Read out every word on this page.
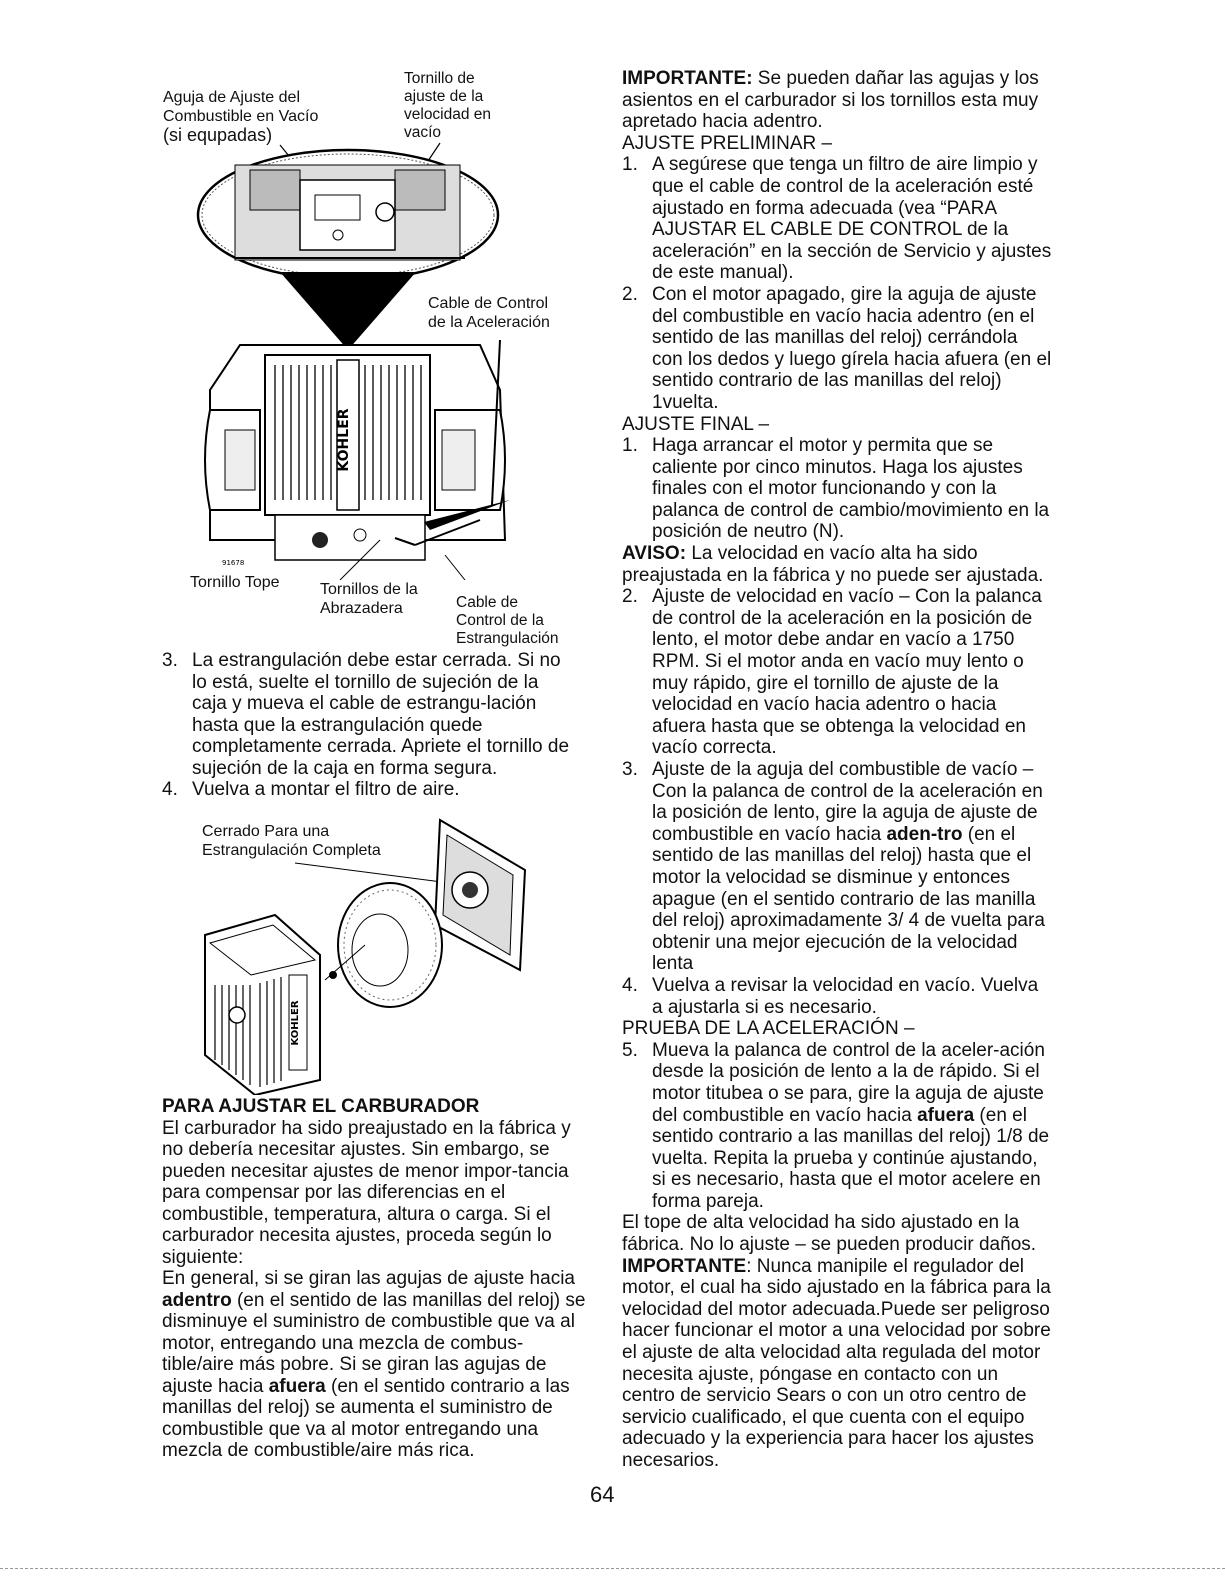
Aguja de Ajuste del
Combustible en Vacío
(si equpadas)
Tornillo de
ajuste de la
velocidad en
vacío
Cable de Control
de la Aceleración
KOHLER
91678
Tornillo Tope	Tornillos de la
Abrazadera	Cable de
Control de la
Estrangulación

3. La estrangulación debe estar cerrada. Si no lo está, suelte el tornillo de sujeción de la caja y mueva el cable de estrangu-lación hasta que la estrangulación quede completamente cerrada. Apriete el tornillo de sujeción de la caja en forma segura.

4. Vuelva a montar el filtro de aire.

Cerrado Para una
Estrangulación Completa
KOHLER
PARA AJUSTAR EL CARBURADOR

El carburador ha sido preajustado en la fábrica y no debería necesitar ajustes. Sin embargo, se pueden necesitar ajustes de menor impor-tancia para compensar por las diferencias en el combustible, temperatura, altura o carga. Si el carburador necesita ajustes, proceda según lo siguiente:

En general, si se giran las agujas de ajuste hacia adentro (en el sentido de las manillas del reloj) se disminuye el suministro de combustible que va al motor, entregando una mezcla de combus-tible/aire más pobre. Si se giran las agujas de ajuste hacia afuera (en el sentido contrario a las manillas del reloj) se aumenta el suministro de combustible que va al motor entregando una mezcla de combustible/aire más rica.

IMPORTANTE: Se pueden dañar las agujas y los asientos en el carburador si los tornillos esta muy apretado hacia adentro.

AJUSTE PRELIMINAR –

1. A segúrese que tenga un filtro de aire limpio y que el cable de control de la aceleración esté ajustado en forma adecuada (vea “PARA AJUSTAR EL CABLE DE CONTROL de la aceleración” en la sección de Servicio y ajustes de este manual).

2. Con el motor apagado, gire la aguja de ajuste del combustible en vacío hacia adentro (en el sentido de las manillas del reloj) cerrándola con los dedos y luego gírela hacia afuera (en el sentido contrario de las manillas del reloj) 1vuelta.

AJUSTE FINAL –

1. Haga arrancar el motor y permita que se caliente por cinco minutos. Haga los ajustes finales con el motor funcionando y con la palanca de control de cambio/movimiento en la posición de neutro (N).

AVISO: La velocidad en vacío alta ha sido preajustada en la fábrica y no puede ser ajustada.

2. Ajuste de velocidad en vacío – Con la palanca de control de la aceleración en la posición de lento, el motor debe andar en vacío a 1750 RPM. Si el motor anda en vacío muy lento o muy rápido, gire el tornillo de ajuste de la velocidad en vacío hacia adentro o hacia afuera hasta que se obtenga la velocidad en vacío correcta.

3. Ajuste de la aguja del combustible de vacío – Con la palanca de control de la aceleración en la posición de lento, gire la aguja de ajuste de combustible en vacío hacia aden-tro (en el sentido de las manillas del reloj) hasta que el motor la velocidad se disminue y entonces apague (en el sentido contrario de las manilla del reloj) aproximadamente 3/ 4 de vuelta para obtenir una mejor ejecución de la velocidad lenta

4. Vuelva a revisar la velocidad en vacío. Vuelva a ajustarla si es necesario.

PRUEBA DE LA ACELERACIÓN –

5. Mueva la palanca de control de la aceler-ación desde la posición de lento a la de rápido. Si el motor titubea o se para, gire la aguja de ajuste del combustible en vacío hacia afuera (en el sentido contrario a las manillas del reloj) 1/8 de vuelta. Repita la prueba y continúe ajustando, si es necesario, hasta que el motor acelere en forma pareja.

El tope de alta velocidad ha sido ajustado en la fábrica. No lo ajuste – se pueden producir daños.

IMPORTANTE: Nunca manipile el regulador del motor, el cual ha sido ajustado en la fábrica para la velocidad del motor adecuada.Puede ser peligroso hacer funcionar el motor a una velocidad por sobre el ajuste de alta velocidad alta regulada del motor necesita ajuste, póngase en contacto con un centro de servicio Sears o con un otro centro de servicio cualificado, el que cuenta con el equipo adecuado y la experiencia para hacer los ajustes necesarios.

64
